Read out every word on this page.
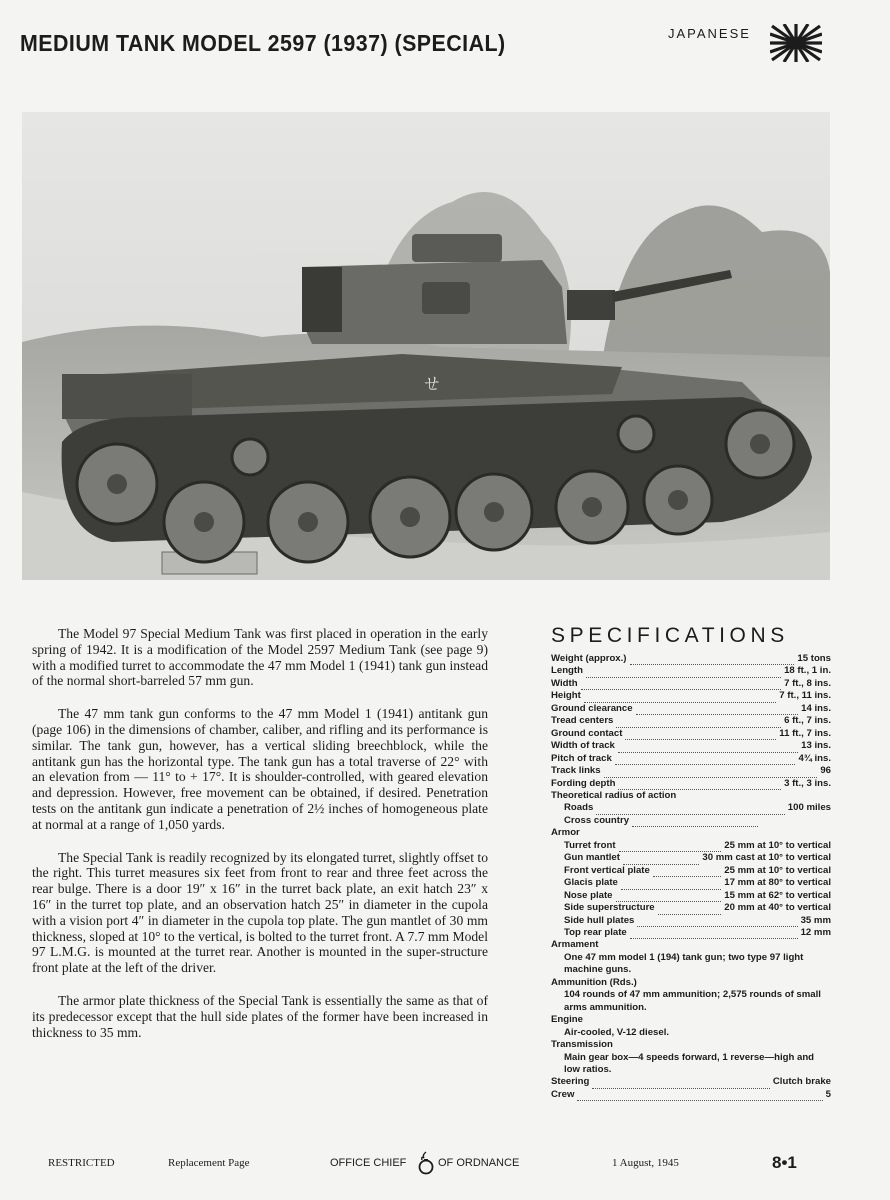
MEDIUM TANK MODEL 2597 (1937) (SPECIAL)	JAPANESE
ㄝ

The Model 97 Special Medium Tank was first placed in operation in the early spring of 1942. It is a modification of the Model 2597 Medium Tank (see page 9) with a modified turret to accommodate the 47 mm Model 1 (1941) tank gun instead of the normal short-barreled 57 mm gun.

The 47 mm tank gun conforms to the 47 mm Model 1 (1941) antitank gun (page 106) in the dimensions of chamber, caliber, and rifling and its performance is similar. The tank gun, however, has a vertical sliding breechblock, while the antitank gun has the horizontal type. The tank gun has a total traverse of 22° with an elevation from — 11° to + 17°. It is shoulder-controlled, with geared elevation and depression. However, free movement can be obtained, if desired. Penetration tests on the antitank gun indicate a penetration of 2½ inches of homogeneous plate at normal at a range of 1,050 yards.

The Special Tank is readily recognized by its elongated turret, slightly offset to the right. This turret measures six feet from front to rear and three feet across the rear bulge. There is a door 19″ x 16″ in the turret back plate, an exit hatch 23″ x 16″ in the turret top plate, and an observation hatch 25″ in diameter in the cupola with a vision port 4″ in diameter in the cupola top plate. The gun mantlet of 30 mm thickness, sloped at 10° to the vertical, is bolted to the turret front. A 7.7 mm Model 97 L.M.G. is mounted at the turret rear. Another is mounted in the super-structure front plate at the left of the driver.

The armor plate thickness of the Special Tank is essentially the same as that of its predecessor except that the hull side plates of the former have been increased in thickness to 35 mm.

SPECIFICATIONS
Weight (approx.)	15 tons
Length	18 ft., 1 in.
Width	7 ft., 8 ins.
Height	7 ft., 11 ins.
Ground clearance	14 ins.
Tread centers	6 ft., 7 ins.
Ground contact	11 ft., 7 ins.
Width of track	13 ins.
Pitch of track	4¾ ins.
Track links	96
Fording depth	3 ft., 3 ins.
Theoretical radius of action
Roads	100 miles
Cross country
Armor
Turret front	25 mm at 10° to vertical
Gun mantlet	30 mm cast at 10° to vertical
Front vertical plate	25 mm at 10° to vertical
Glacis plate	17 mm at 80° to vertical
Nose plate	15 mm at 62° to vertical
Side superstructure	20 mm at 40° to vertical
Side hull plates	35 mm
Top rear plate	12 mm
Armament
One 47 mm model 1 (194) tank gun; two type 97 light machine guns.
Ammunition (Rds.)
104 rounds of 47 mm ammunition; 2,575 rounds of small arms ammunition.
Engine
Air-cooled, V-12 diesel.
Transmission
Main gear box—4 speeds forward, 1 reverse—high and low ratios.
Steering	Clutch brake
Crew	5
RESTRICTED	Replacement Page	OFFICE CHIEF	OF ORDNANCE	1 August, 1945	8•1
